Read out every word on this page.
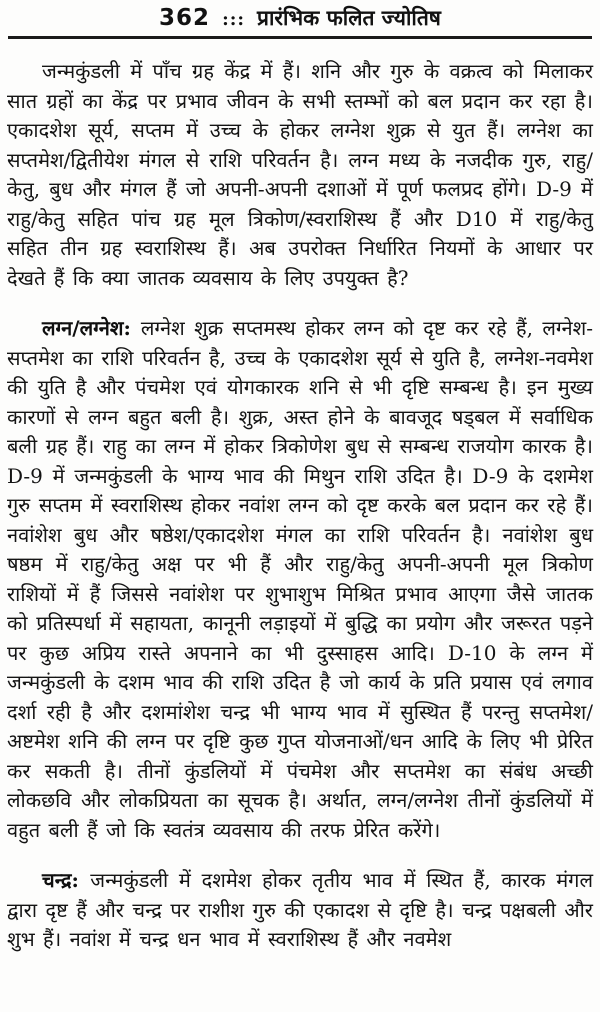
362 ::: प्रारंभिक फलित ज्योतिष

जन्मकुंडली में पाँच ग्रह केंद्र में हैं। शनि और गुरु के वक्रत्व को मिलाकर सात ग्रहों का केंद्र पर प्रभाव जीवन के सभी स्तम्भों को बल प्रदान कर रहा है। एकादशेश सूर्य, सप्तम में उच्च के होकर लग्नेश शुक्र से युत हैं। लग्नेश का सप्तमेश/द्वितीयेश मंगल से राशि परिवर्तन है। लग्न मध्य के नजदीक गुरु, राहु/केतु, बुध और मंगल हैं जो अपनी-अपनी दशाओं में पूर्ण फलप्रद होंगे। D-9 में राहु/केतु सहित पांच ग्रह मूल त्रिकोण/स्वराशिस्थ हैं और D10 में राहु/केतु सहित तीन ग्रह स्वराशिस्थ हैं। अब उपरोक्त निर्धारित नियमों के आधार पर देखते हैं कि क्या जातक व्यवसाय के लिए उपयुक्त है?

लग्न/लग्नेश: लग्नेश शुक्र सप्तमस्थ होकर लग्न को दृष्ट कर रहे हैं, लग्नेश-सप्तमेश का राशि परिवर्तन है, उच्च के एकादशेश सूर्य से युति है, लग्नेश-नवमेश की युति है और पंचमेश एवं योगकारक शनि से भी दृष्टि सम्बन्ध है। इन मुख्य कारणों से लग्न बहुत बली है। शुक्र, अस्त होने के बावजूद षड्बल में सर्वाधिक बली ग्रह हैं। राहु का लग्न में होकर त्रिकोणेश बुध से सम्बन्ध राजयोग कारक है। D-9 में जन्मकुंडली के भाग्य भाव की मिथुन राशि उदित है। D-9 के दशमेश गुरु सप्तम में स्वराशिस्थ होकर नवांश लग्न को दृष्ट करके बल प्रदान कर रहे हैं। नवांशेश बुध और षष्ठेश/एकादशेश मंगल का राशि परिवर्तन है। नवांशेश बुध षष्ठम में राहु/केतु अक्ष पर भी हैं और राहु/केतु अपनी-अपनी मूल त्रिकोण राशियों में हैं जिससे नवांशेश पर शुभाशुभ मिश्रित प्रभाव आएगा जैसे जातक को प्रतिस्पर्धा में सहायता, कानूनी लड़ाइयों में बुद्धि का प्रयोग और जरूरत पड़ने पर कुछ अप्रिय रास्ते अपनाने का भी दुस्साहस आदि। D-10 के लग्न में जन्मकुंडली के दशम भाव की राशि उदित है जो कार्य के प्रति प्रयास एवं लगाव दर्शा रही है और दशमांशेश चन्द्र भी भाग्य भाव में सुस्थित हैं परन्तु सप्तमेश/अष्टमेश शनि की लग्न पर दृष्टि कुछ गुप्त योजनाओं/धन आदि के लिए भी प्रेरित कर सकती है। तीनों कुंडलियों में पंचमेश और सप्तमेश का संबंध अच्छी लोकछवि और लोकप्रियता का सूचक है। अर्थात, लग्न/लग्नेश तीनों कुंडलियों में वहुत बली हैं जो कि स्वतंत्र व्यवसाय की तरफ प्रेरित करेंगे।

चन्द्र: जन्मकुंडली में दशमेश होकर तृतीय भाव में स्थित हैं, कारक मंगल द्वारा दृष्ट हैं और चन्द्र पर राशीश गुरु की एकादश से दृष्टि है। चन्द्र पक्षबली और शुभ हैं। नवांश में चन्द्र धन भाव में स्वराशिस्थ हैं और नवमेश
